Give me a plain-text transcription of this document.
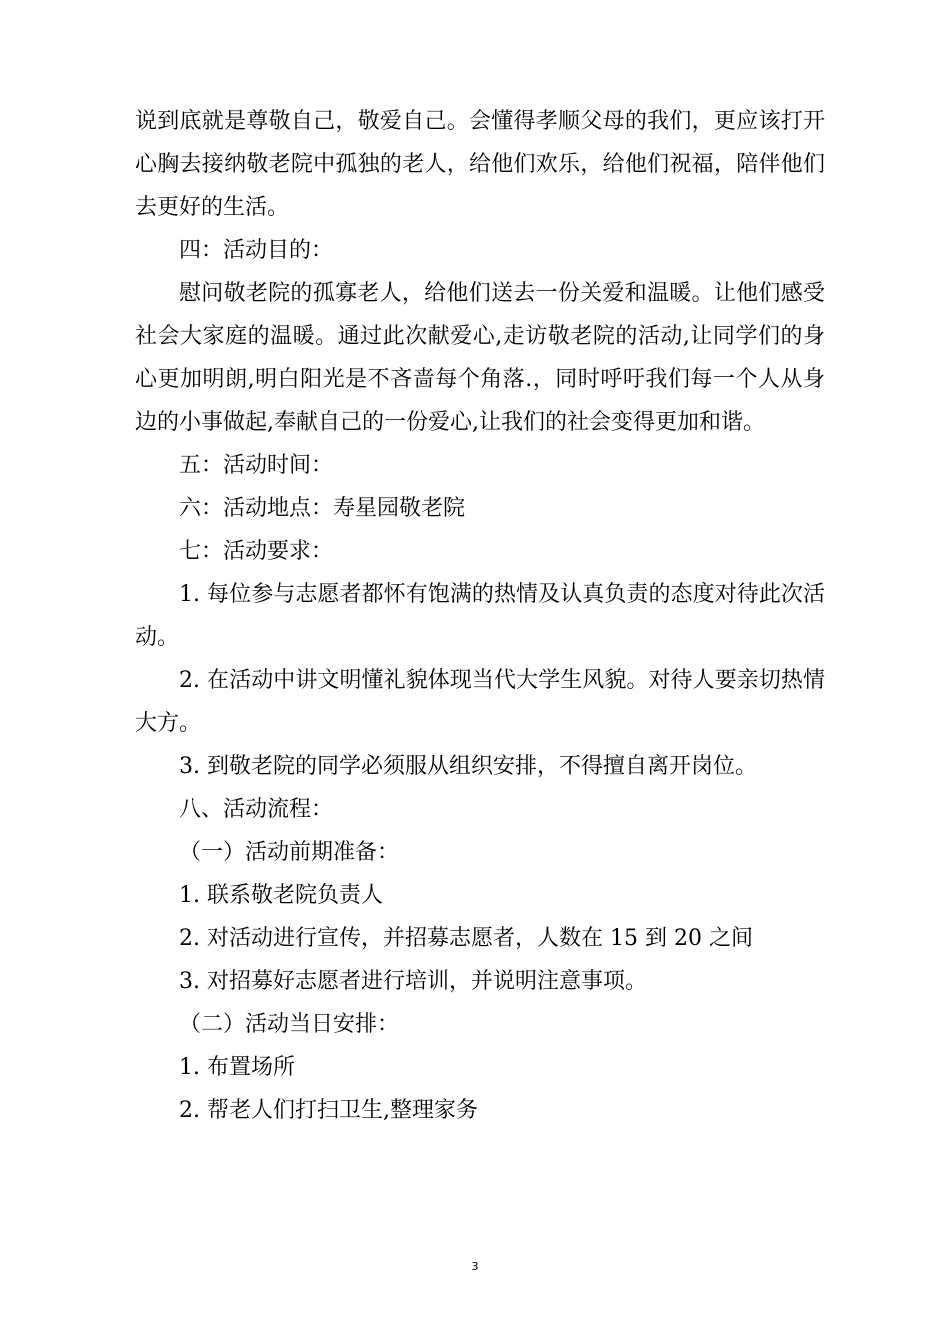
说到底就是尊敬自己，敬爱自己。会懂得孝顺父母的我们，更应该打开心胸去接纳敬老院中孤独的老人，给他们欢乐，给他们祝福，陪伴他们去更好的生活。

四：活动目的：

慰问敬老院的孤寡老人，给他们送去一份关爱和温暖。让他们感受社会大家庭的温暖。通过此次献爱心,走访敬老院的活动,让同学们的身心更加明朗,明白阳光是不吝啬每个角落.，同时呼吁我们每一个人从身边的小事做起,奉献自己的一份爱心,让我们的社会变得更加和谐。

五：活动时间：

六：活动地点：寿星园敬老院

七：活动要求：

1. 每位参与志愿者都怀有饱满的热情及认真负责的态度对待此次活动。

2. 在活动中讲文明懂礼貌体现当代大学生风貌。对待人要亲切热情大方。

3. 到敬老院的同学必须服从组织安排，不得擅自离开岗位。

八、活动流程：

（一）活动前期准备：

1. 联系敬老院负责人

2. 对活动进行宣传，并招募志愿者，人数在 15 到 20 之间

3. 对招募好志愿者进行培训，并说明注意事项。

（二）活动当日安排：

1. 布置场所

2. 帮老人们打扫卫生,整理家务

3
